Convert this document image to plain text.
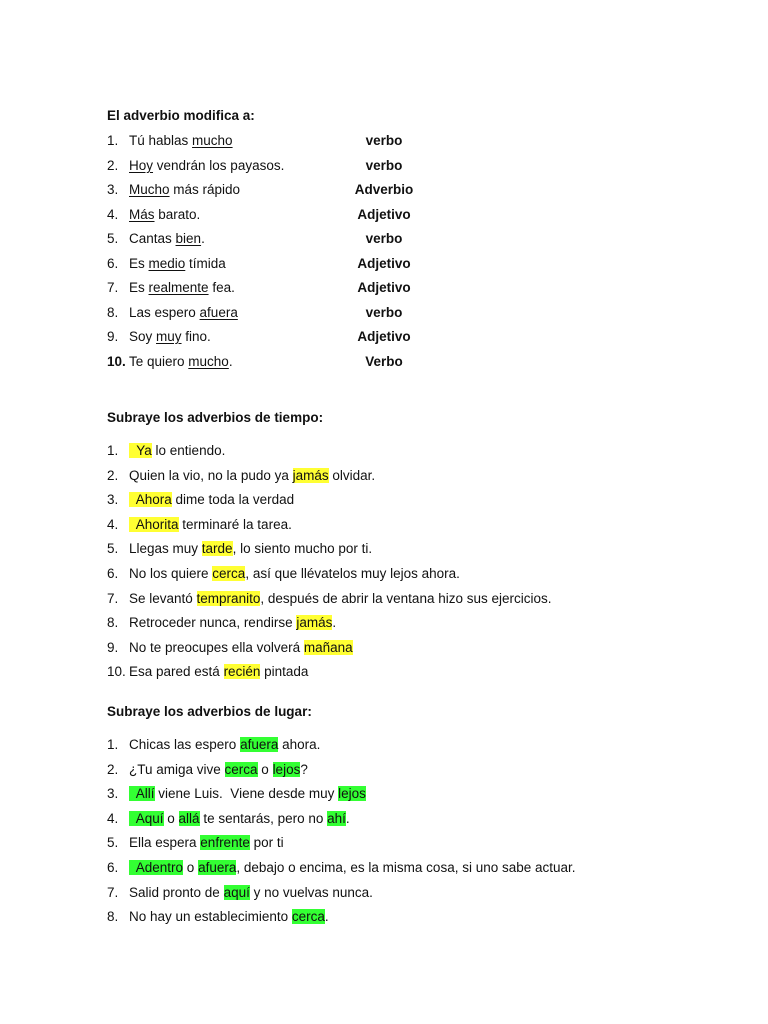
El adverbio modifica a:
1. Tú hablas mucho	verbo
2. Hoy vendrán los payasos.	verbo
3. Mucho más rápido	Adverbio
4. Más barato.	Adjetivo
5. Cantas bien.	verbo
6. Es medio tímida	Adjetivo
7. Es realmente fea.	Adjetivo
8. Las espero afuera	verbo
9. Soy muy fino.	Adjetivo
10. Te quiero mucho.	Verbo
Subraye los adverbios de tiempo:
1.  Ya lo entiendo.
2. Quien la vio, no la pudo ya jamás olvidar.
3.  Ahora dime toda la verdad
4.  Ahorita terminaré la tarea.
5. Llegas muy tarde, lo siento mucho por ti.
6. No los quiere cerca, así que llévatelos muy lejos ahora.
7. Se levantó tempranito, después de abrir la ventana hizo sus ejercicios.
8. Retroceder nunca, rendirse jamás.
9. No te preocupes ella volverá mañana
10. Esa pared está recién pintada
Subraye los adverbios de lugar:
1. Chicas las espero afuera ahora.
2. ¿Tu amiga vive cerca o lejos?
3.  Allí viene Luis.  Viene desde muy lejos
4.  Aquí o allá te sentarás, pero no ahí.
5. Ella espera enfrente por ti
6.  Adentro o afuera, debajo o encima, es la misma cosa, si uno sabe actuar.
7. Salid pronto de aquí y no vuelvas nunca.
8. No hay un establecimiento cerca.
